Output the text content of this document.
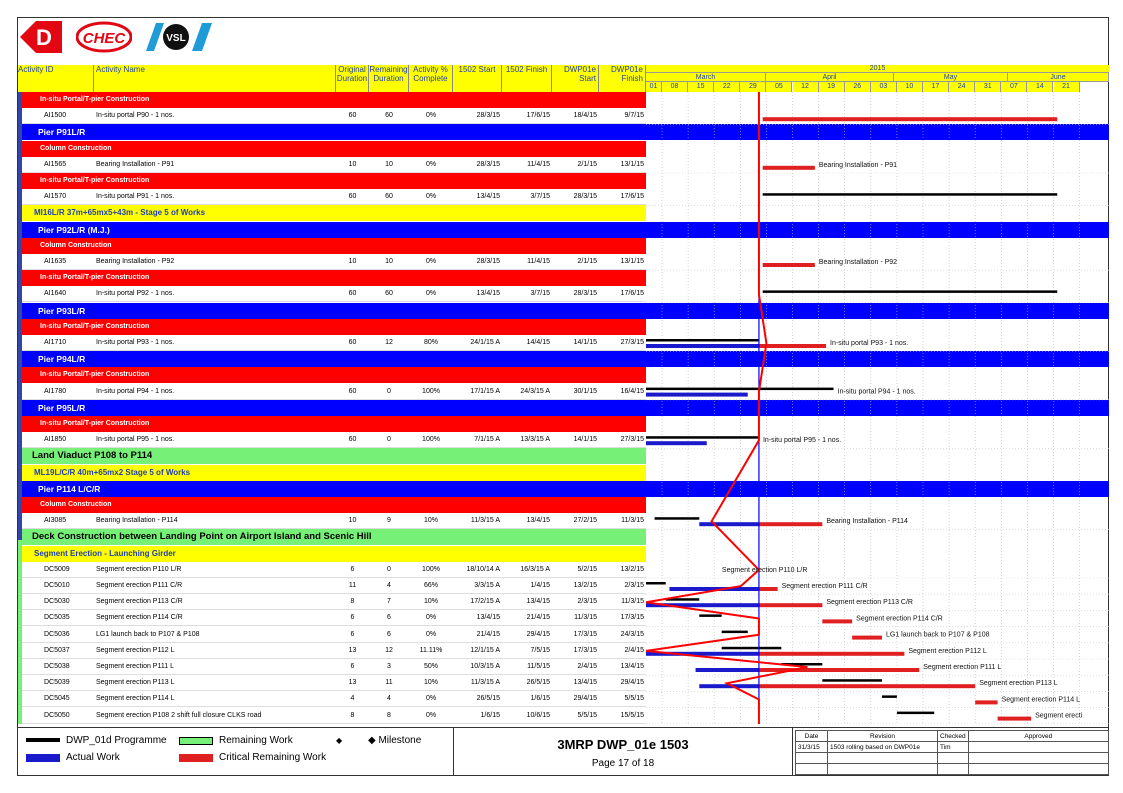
D CHEC	VSL
Activity ID	Activity Name	Original
Duration
Remaining
Duration
Activity %
Complete
1502 Start	1502 Finish	DWP01e
Start
DWP01e
Finish
2015
March	April	May	June
01	08	15	22	29	05	12	19	26	03	10	17	24	31	07	14	21
In-situ Portal/T-pier Construction
AI1500	In-situ portal P90 - 1 nos.	60	60	0%	28/3/15	17/6/15	18/4/15	9/7/15
Pier P91L/R
Column Construction
AI1565	Bearing Installation - P91	10	10	0%	28/3/15	11/4/15	2/1/15	13/1/15
In-situ Portal/T-pier Construction
AI1570	In-situ portal P91 - 1 nos.	60	60	0%	13/4/15	3/7/15	28/3/15	17/6/15
MI16L/R 37m+65mx5+43m - Stage 5 of Works
Pier P92L/R (M.J.)
Column Construction
AI1635	Bearing Installation - P92	10	10	0%	28/3/15	11/4/15	2/1/15	13/1/15
In-situ Portal/T-pier Construction
AI1640	In-situ portal P92 - 1 nos.	60	60	0%	13/4/15	3/7/15	28/3/15	17/6/15
Pier P93L/R
In-situ Portal/T-pier Construction
AI1710	In-situ portal P93 - 1 nos.	60	12	80%	24/1/15 A	14/4/15	14/1/15	27/3/15
Pier P94L/R
In-situ Portal/T-pier Construction
AI1780	In-situ portal P94 - 1 nos.	60	0	100%	17/1/15 A	24/3/15 A	30/1/15	16/4/15
Pier P95L/R
In-situ Portal/T-pier Construction
AI1850	In-situ portal P95 - 1 nos.	60	0	100%	7/1/15 A	13/3/15 A	14/1/15	27/3/15
Land Viaduct P108 to P114
ML19L/C/R 40m+65mx2 Stage 5 of Works
Pier P114 L/C/R
Column Construction
AI3085	Bearing Installation - P114	10	9	10%	11/3/15 A	13/4/15	27/2/15	11/3/15
Deck Construction between Landing Point on Airport Island and Scenic Hill
Segment Erection - Launching Girder
DC5009	Segment erection P110 L/R	6	0	100%	18/10/14 A	16/3/15 A	5/2/15	13/2/15
DC5010	Segment erection P111 C/R	11	4	66%	3/3/15 A	1/4/15	13/2/15	2/3/15
DC5030	Segment erection P113 C/R	8	7	10%	17/2/15 A	13/4/15	2/3/15	11/3/15
DC5035	Segment erection P114 C/R	6	6	0%	13/4/15	21/4/15	11/3/15	17/3/15
DC5036	LG1 launch back to P107 & P108	6	6	0%	21/4/15	29/4/15	17/3/15	24/3/15
DC5037	Segment erection P112 L	13	12	11.11%	12/1/15 A	7/5/15	17/3/15	2/4/15
DC5038	Segment erection P111 L	6	3	50%	10/3/15 A	11/5/15	2/4/15	13/4/15
DC5039	Segment erection P113 L	13	11	10%	11/3/15 A	26/5/15	13/4/15	29/4/15
DC5045	Segment erection P114 L	4	4	0%	26/5/15	1/6/15	29/4/15	5/5/15
DC5050	Segment erection P108 2 shift full closure CLKS road	8	8	0%	1/6/15	10/6/15	5/5/15	15/5/15
Bearing Installation - P91
Bearing Installation - P92
In-situ portal P93 - 1 nos.
In-situ portal P94 - 1 nos.
In-situ portal P95 - 1 nos.
Bearing Installation - P114
Segment erection P110 L/R
Segment erection P111 C/R
Segment erection P113 C/R
Segment erection P114 C/R
LG1 launch back to P107 & P108
Segment erection P112 L
Segment erection P111 L
Segment erection P113 L
Segment erection P114 L
Segment erecti
DWP_01d Programme	Remaining Work	◆	◆ Milestone
Actual Work	Critical Remaining Work
3MRP DWP_01e 1503
Page 17 of 18
Date	Revision	Checked	Approved
31/3/15	1503 rolling based on DWP01e	Tim	
